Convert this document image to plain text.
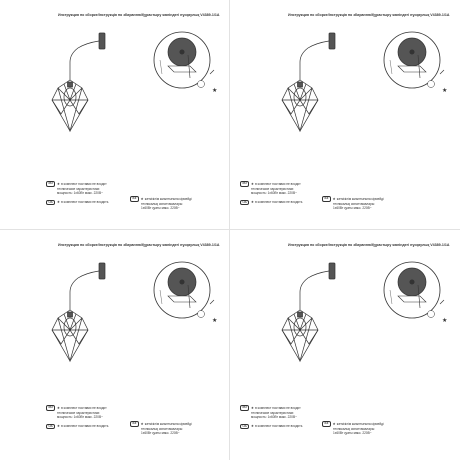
Инструкция по сборке/Інструкція по збиранню/Құрастыру жөніндегі нұсқаулық V4389-1/1A
★
RU	★ в комплект поставки не входит
технические характеристики:
мощность: 1x60Вт макс. 220В~
UA	★ в комплект поставки не входить
KZ	★ жеткізілім жиынтығына кірмейді
техникалық сипаттамалары:
1x60Вт қуаты макс. 220В~
Инструкция по сборке/Інструкція по збиранню/Құрастыру жөніндегі нұсқаулық V4389-1/1A
★
RU	★ в комплект поставки не входит
технические характеристики:
мощность: 1x60Вт макс. 220В~
UA	★ в комплект поставки не входить
KZ	★ жеткізілім жиынтығына кірмейді
техникалық сипаттамалары:
1x60Вт қуаты макс. 220В~
Инструкция по сборке/Інструкція по збиранню/Құрастыру жөніндегі нұсқаулық V4389-1/1A
★
RU	★ в комплект поставки не входит
технические характеристики:
мощность: 1x60Вт макс. 220В~
UA	★ в комплект поставки не входить
KZ	★ жеткізілім жиынтығына кірмейді
техникалық сипаттамалары:
1x60Вт қуаты макс. 220В~
Инструкция по сборке/Інструкція по збиранню/Құрастыру жөніндегі нұсқаулық V4389-1/1A
★
RU	★ в комплект поставки не входит
технические характеристики:
мощность: 1x60Вт макс. 220В~
UA	★ в комплект поставки не входить
KZ	★ жеткізілім жиынтығына кірмейді
техникалық сипаттамалары:
1x60Вт қуаты макс. 220В~
